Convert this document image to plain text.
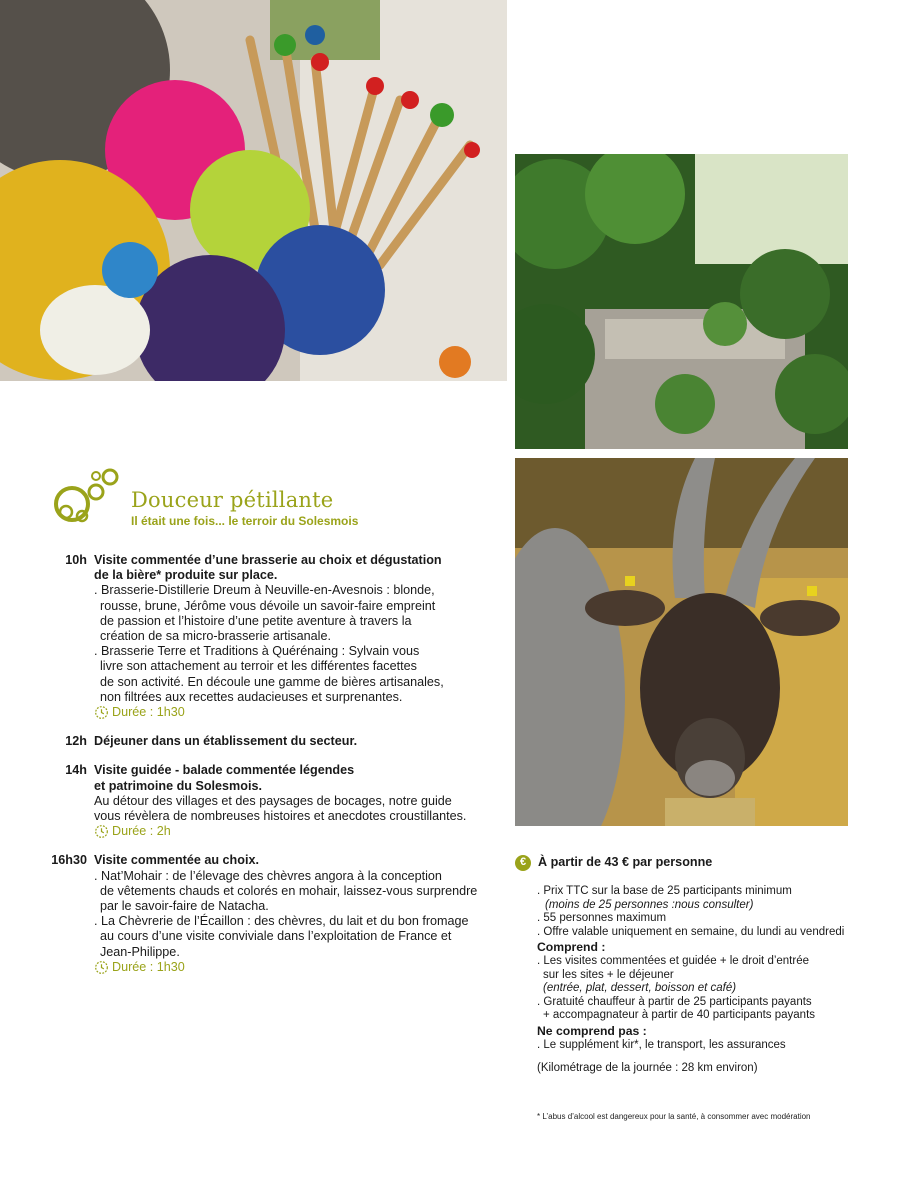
Douceur pétillante
Il était une fois... le terroir du Solesmois
10h Visite commentée d’une brasserie au choix et dégustation
de la bière* produite sur place.
. Brasserie-Distillerie Dreum à Neuville-en-Avesnois : blonde,
rousse, brune, Jérôme vous dévoile un savoir-faire empreint
de passion et l’histoire d’une petite aventure à travers la
création de sa micro-brasserie artisanale.
. Brasserie Terre et Traditions à Quérénaing : Sylvain vous
livre son attachement au terroir et les différentes facettes
de son activité. En découle une gamme de bières artisanales,
non filtrées aux recettes audacieuses et surprenantes.
Durée : 1h30
12h Déjeuner dans un établissement du secteur.
14h Visite guidée - balade commentée légendes
et patrimoine du Solesmois.
Au détour des villages et des paysages de bocages, notre guide
vous révèlera de nombreuses histoires et anecdotes croustillantes.
Durée : 2h
16h30 Visite commentée au choix.
. Nat’Mohair : de l’élevage des chèvres angora à la conception
de vêtements chauds et colorés en mohair, laissez-vous surprendre
par le savoir-faire de Natacha.
. La Chèvrerie de l’Écaillon : des chèvres, du lait et du bon fromage
au cours d’une visite conviviale dans l’exploitation de France et
Jean-Philippe.
Durée : 1h30
€ À partir de 43 € par personne
. Prix TTC sur la base de 25 participants minimum
(moins de 25 personnes :nous consulter)
. 55 personnes maximum
. Offre valable uniquement en semaine, du lundi au vendredi
Comprend :
. Les visites commentées et guidée + le droit d’entrée
sur les sites + le déjeuner
(entrée, plat, dessert, boisson et café)
. Gratuité chauffeur à partir de 25 participants payants
+ accompagnateur à partir de 40 participants payants
Ne comprend pas :
. Le supplément kir*, le transport, les assurances
(Kilométrage de la journée : 28 km environ)
* L’abus d’alcool est dangereux pour la santé, à consommer avec modération
